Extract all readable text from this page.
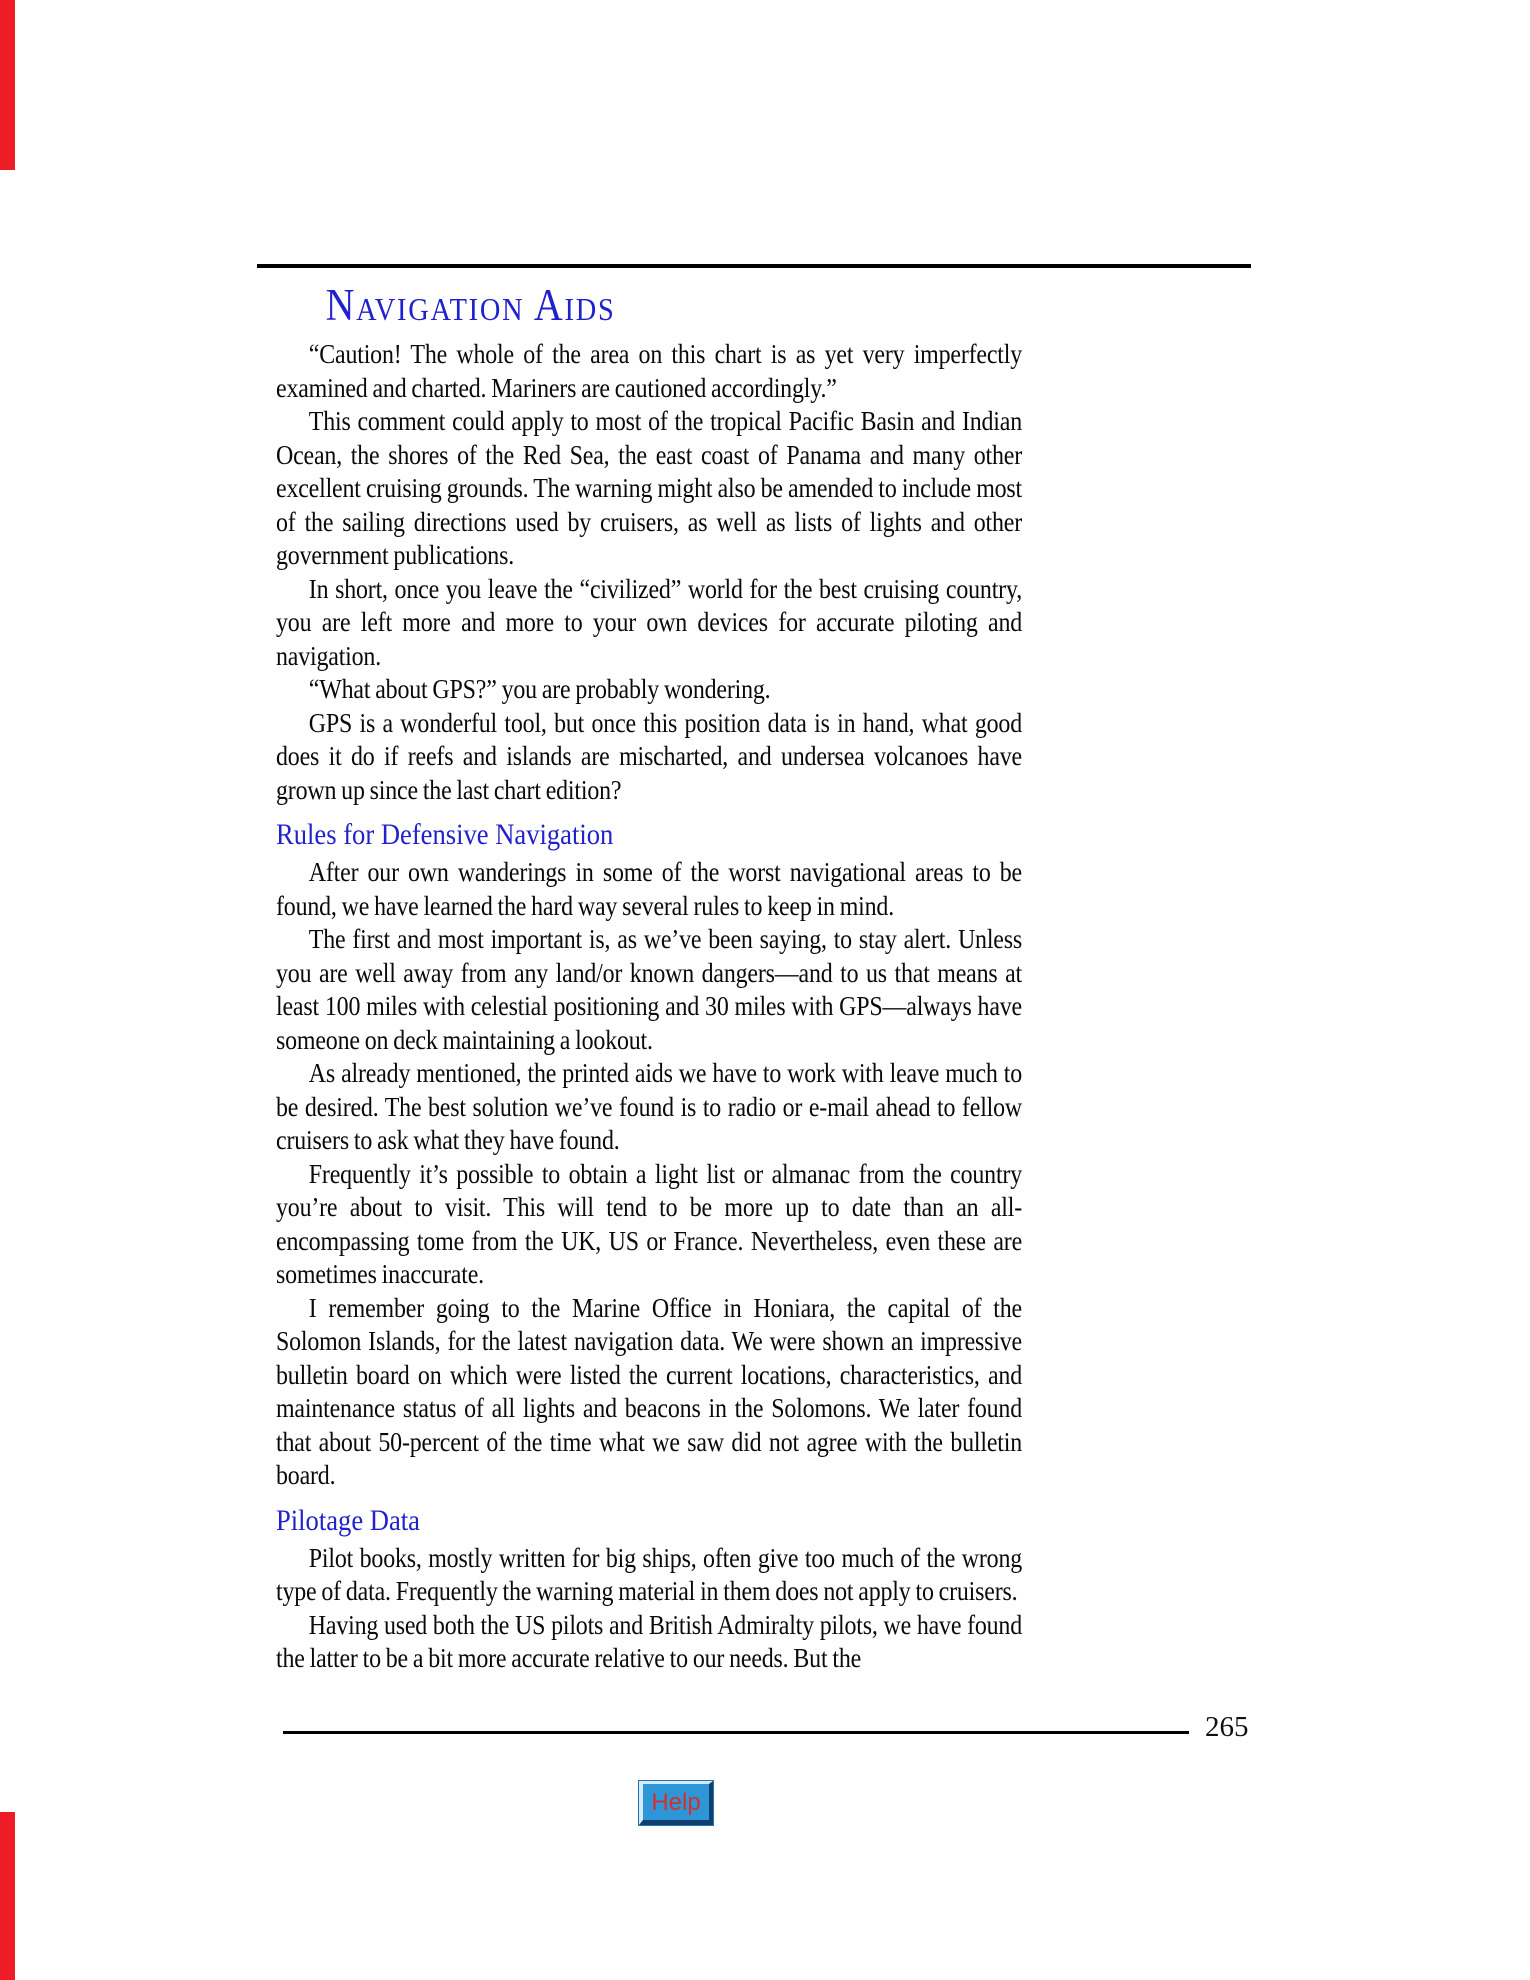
Navigation Aids

“Caution! The whole of the area on this chart is as yet very imperfectly examined and charted. Mariners are cautioned accordingly.”

This comment could apply to most of the tropical Pacific Basin and Indian Ocean, the shores of the Red Sea, the east coast of Panama and many other excellent cruising grounds. The warning might also be amended to include most of the sailing directions used by cruisers, as well as lists of lights and other government publications.

In short, once you leave the “civilized” world for the best cruising country, you are left more and more to your own devices for accurate piloting and navigation.

“What about GPS?” you are probably wondering.

GPS is a wonderful tool, but once this position data is in hand, what good does it do if reefs and islands are mischarted, and undersea volcanoes have grown up since the last chart edition?

Rules for Defensive Navigation

After our own wanderings in some of the worst navigational areas to be found, we have learned the hard way several rules to keep in mind.

The first and most important is, as we’ve been saying, to stay alert. Unless you are well away from any land/or known dangers—and to us that means at least 100 miles with celestial positioning and 30 miles with GPS—always have someone on deck maintaining a lookout.

As already mentioned, the printed aids we have to work with leave much to be desired. The best solution we’ve found is to radio or e-mail ahead to fellow cruisers to ask what they have found.

Frequently it’s possible to obtain a light list or almanac from the country you’re about to visit. This will tend to be more up to date than an all-encompassing tome from the UK, US or France. Nevertheless, even these are sometimes inaccurate.

I remember going to the Marine Office in Honiara, the capital of the Solomon Islands, for the latest navigation data. We were shown an impressive bulletin board on which were listed the current locations, characteristics, and maintenance status of all lights and beacons in the Solomons. We later found that about 50-percent of the time what we saw did not agree with the bulletin board.

Pilotage Data

Pilot books, mostly written for big ships, often give too much of the wrong type of data. Frequently the warning material in them does not apply to cruisers.

Having used both the US pilots and British Admiralty pilots, we have found the latter to be a bit more accurate relative to our needs. But the

265
Help
